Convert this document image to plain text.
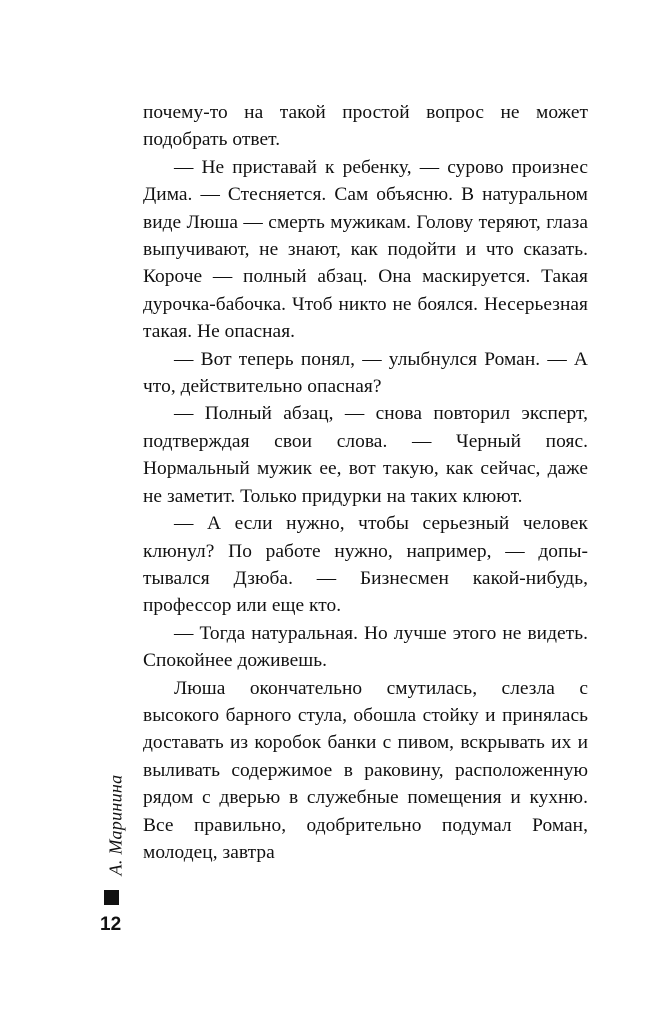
почему-то на такой простой вопрос не может подобрать ответ.

— Не приставай к ребенку, — сурово произнес Дима. — Стесняется. Сам объясню. В натуральном виде Люша — смерть мужикам. Голову теряют, глаза выпучивают, не знают, как подойти и что сказать. Короче — полный абзац. Она маскируется. Такая дурочка-бабочка. Чтоб никто не боялся. Несерьезная такая. Не опасная.

— Вот теперь понял, — улыбнулся Роман. — А что, действительно опасная?

— Полный абзац, — снова повторил эксперт, подтверждая свои слова. — Черный пояс. Нормальный мужик ее, вот такую, как сейчас, даже не заметит. Только придурки на таких клюют.

— А если нужно, чтобы серьезный человек клюнул? По работе нужно, например, — допытывался Дзюба. — Бизнесмен какой-нибудь, профессор или еще кто.

— Тогда натуральная. Но лучше этого не видеть. Спокойнее доживешь.

Люша окончательно смутилась, слезла с высокого барного стула, обошла стойку и принялась доставать из коробок банки с пивом, вскрывать их и выливать содержимое в раковину, расположенную рядом с дверью в служебные помещения и кухню. Все правильно, одобрительно подумал Роман, молодец, завтра

А. Маринина
12
